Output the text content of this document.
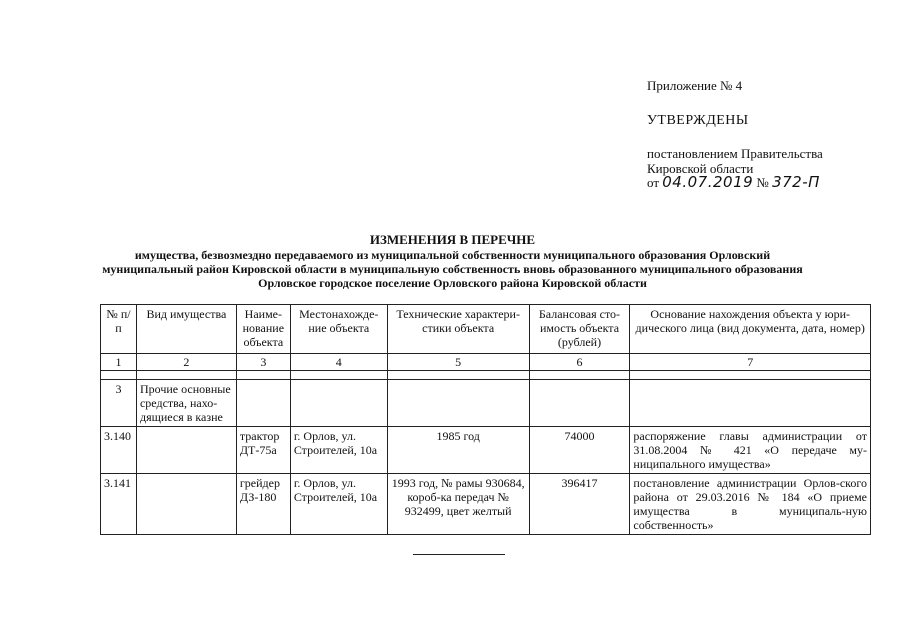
Приложение № 4
УТВЕРЖДЕНЫ
постановлением Правительства
Кировской области
от 04.07.2019 № 372-П
ИЗМЕНЕНИЯ В ПЕРЕЧНЕ
имущества, безвозмездно передаваемого из муниципальной собственности муниципального образования Орловский
муниципальный район Кировской области в муниципальную собственность вновь образованного муниципального образования
Орловское городское поселение Орловского района Кировской области
№ п/п	Вид имущества	Наиме-нование объекта	Местонахожде-ние объекта	Технические характери-стики объекта	Балансовая сто-имость объекта (рублей)	Основание нахождения объекта у юри-дического лица (вид документа, дата, номер)
1	2	3	4	5	6	7

3	Прочие основные средства, нахо-дящиеся в казне					
3.140		трактор ДТ-75а	г. Орлов, ул. Строителей, 10а	1985 год	74000	распоряжение главы администрации от 31.08.2004 № 421 «О передаче му-ниципального имущества»
3.141		грейдер ДЗ-180	г. Орлов, ул. Строителей, 10а	1993 год, № рамы 930684, короб-ка передач № 932499, цвет желтый	396417	постановление администрации Орлов-ского района от 29.03.2016 № 184 «О приеме имущества в муниципаль-ную собственность»
